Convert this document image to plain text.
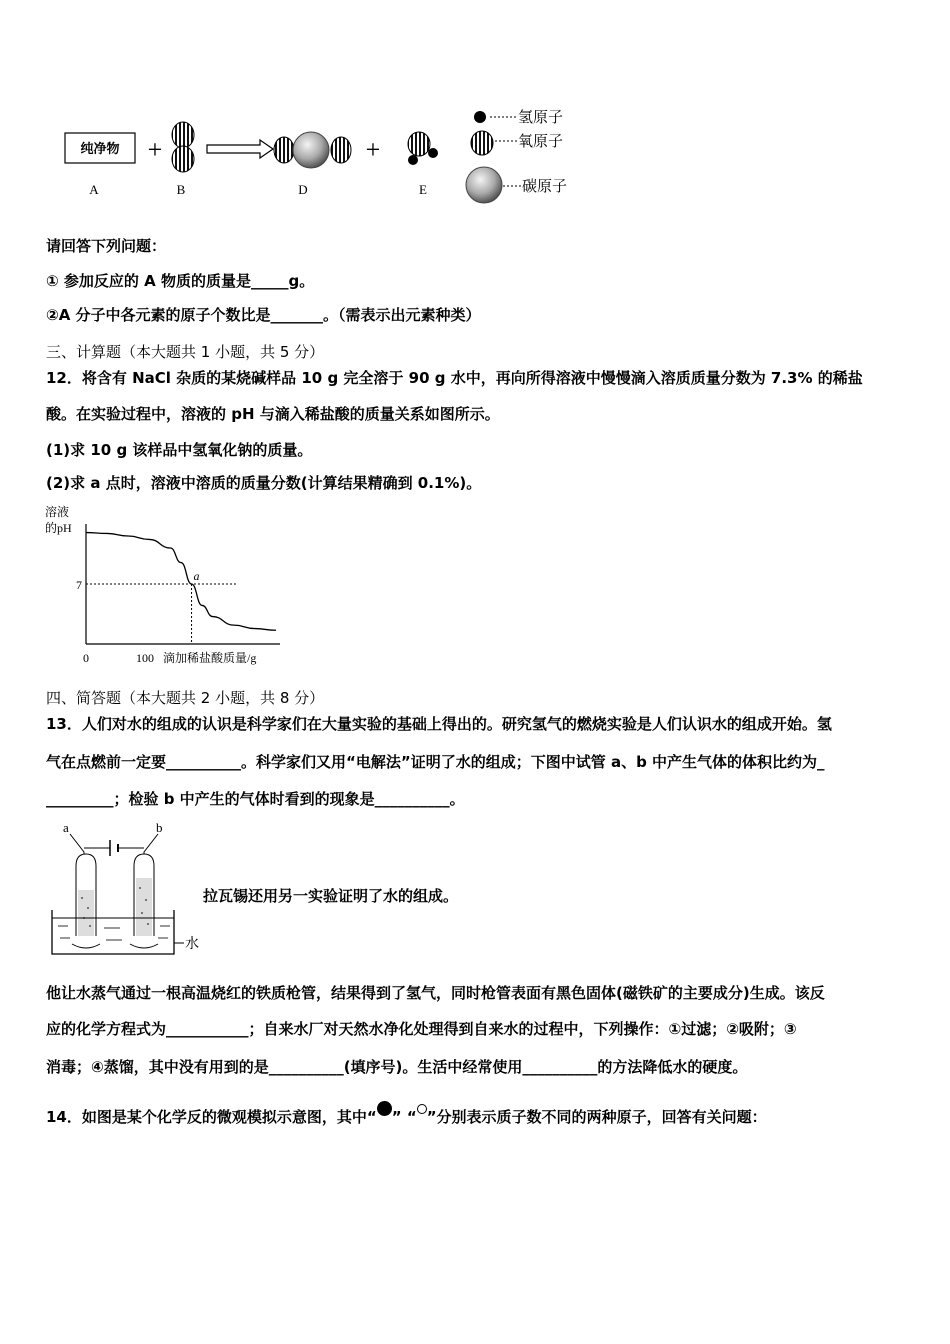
纯净物 +	+
氢原子
氧原子
碳原子
A	B	D	E
请回答下列问题：
① 参加反应的 A 物质的质量是_____g。
②A 分子中各元素的原子个数比是_______。（需表示出元素种类）
三、计算题（本大题共 1 小题，共 5 分）
12．将含有 NaCl 杂质的某烧碱样品 10 g 完全溶于 90 g 水中，再向所得溶液中慢慢滴入溶质质量分数为 7.3% 的稀盐
酸。在实验过程中，溶液的 pH 与滴入稀盐酸的质量关系如图所示。
(1)求 10 g 该样品中氢氧化钠的质量。
(2)求 a 点时，溶液中溶质的质量分数(计算结果精确到 0.1%)。
溶液
的pH
0	100 滴加稀盐酸质量/g
7
a
四、简答题（本大题共 2 小题，共 8 分）
13．人们对水的组成的认识是科学家们在大量实验的基础上得出的。研究氢气的燃烧实验是人们认识水的组成开始。氢
气在点燃前一定要__________。科学家们又用“电解法”证明了水的组成；下图中试管 a、b 中产生气体的体积比约为_
_________；检验 b 中产生的气体时看到的现象是__________。
a	b
水
拉瓦锡还用另一实验证明了水的组成。
他让水蒸气通过一根高温烧红的铁质枪管，结果得到了氢气，同时枪管表面有黑色固体(磁铁矿的主要成分)生成。该反
应的化学方程式为___________；自来水厂对天然水净化处理得到自来水的过程中，下列操作：①过滤；②吸附；③
消毒；④蒸馏，其中没有用到的是__________(填序号)。生活中经常使用__________的方法降低水的硬度。
14．如图是某个化学反的微观模拟示意图，其中“ ” “ ”分别表示质子数不同的两种原子，回答有关问题：
